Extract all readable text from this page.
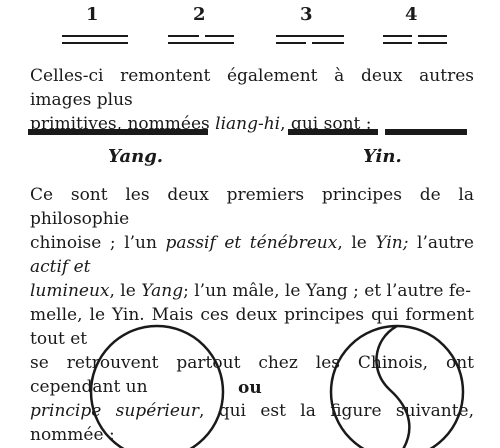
1	2	3	4
Celles-ci remontent également à deux autres images plus
primitives, nommées liang-hi, qui sont :
Yang.	Yin.
Ce sont les deux premiers principes de la philosophie
chinoise ; l’un passif et ténébreux, le Yin; l’autre actif et
lumineux, le Yang; l’un mâle, le Yang ; et l’autre fe-
melle, le Yin. Mais ces deux principes qui forment tout et
se retrouvent partout chez les Chinois, ont cependant un
principe supérieur, qui est la figure suivante, nommée :
ou
